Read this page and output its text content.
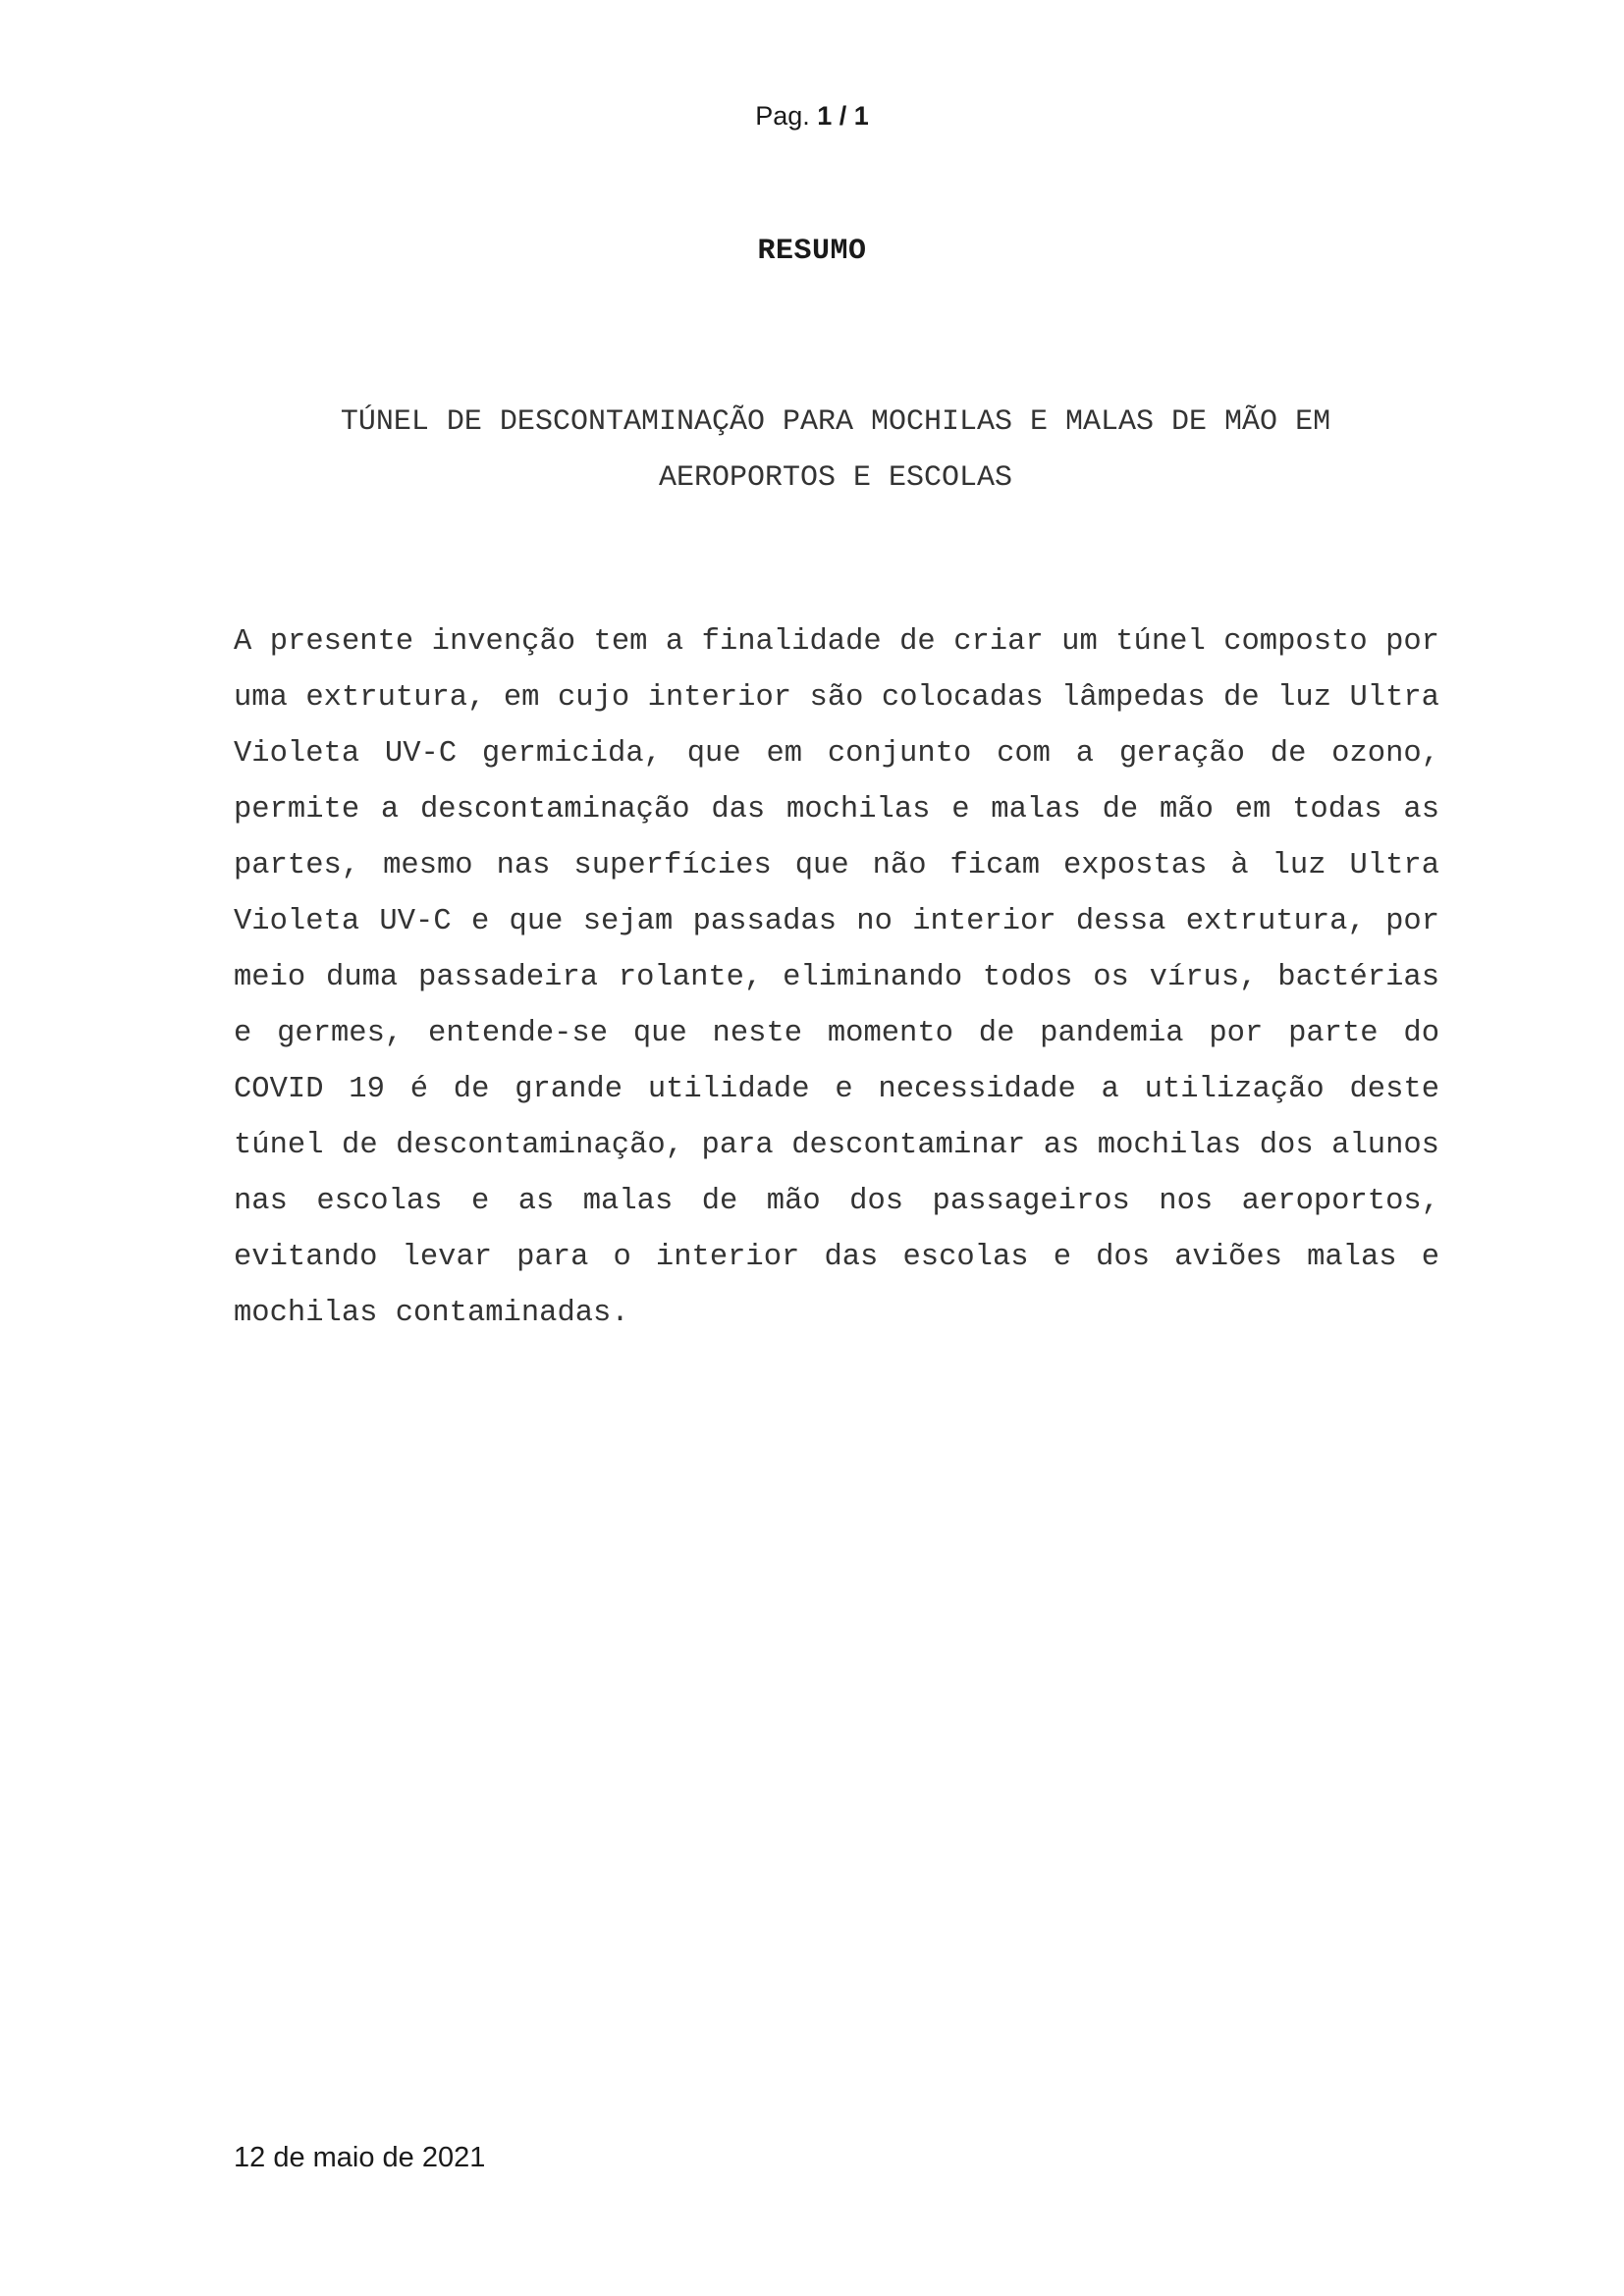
Pag. 1 / 1
RESUMO
TÚNEL DE DESCONTAMINAÇÃO PARA MOCHILAS E MALAS DE MÃO EM
AEROPORTOS E ESCOLAS

A presente invenção tem a finalidade de criar um túnel composto por uma extrutura, em cujo interior são colocadas lâmpedas de luz Ultra Violeta UV-C germicida, que em conjunto com a geração de ozono, permite a descontaminação das mochilas e malas de mão em todas as partes, mesmo nas superfícies que não ficam expostas à luz Ultra Violeta UV-C e que sejam passadas no interior dessa extrutura, por meio duma passadeira rolante, eliminando todos os vírus, bactérias e germes, entende-se que neste momento de pandemia por parte do COVID 19 é de grande utilidade e necessidade a utilização deste túnel de descontaminação, para descontaminar as mochilas dos alunos nas escolas e as malas de mão dos passageiros nos aeroportos, evitando levar para o interior das escolas e dos aviões malas e mochilas contaminadas.

12 de maio de 2021
